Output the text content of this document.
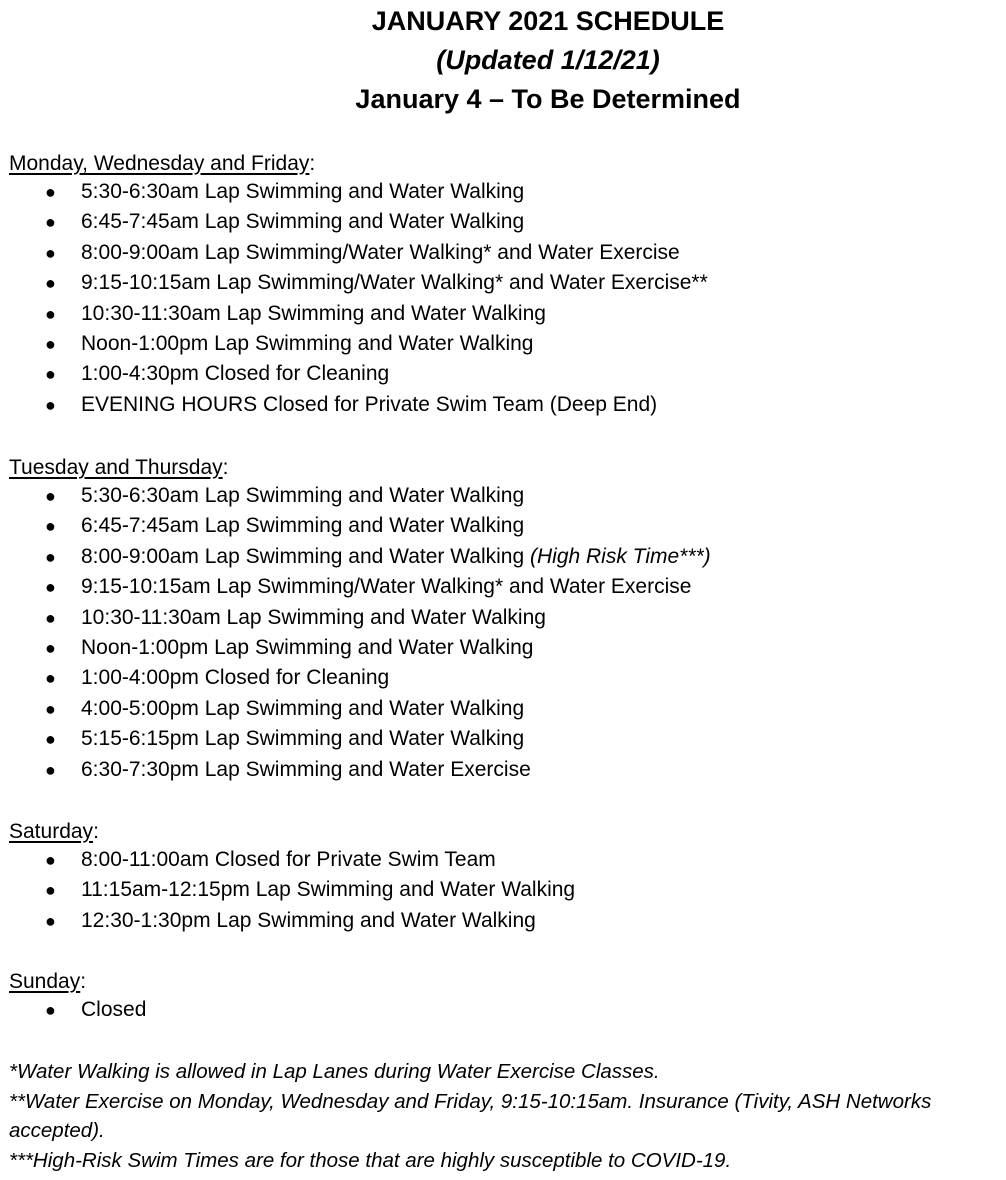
JANUARY 2021 SCHEDULE
(Updated 1/12/21)
January 4 – To Be Determined
Monday, Wednesday and Friday:
● 5:30-6:30am Lap Swimming and Water Walking
● 6:45-7:45am Lap Swimming and Water Walking
● 8:00-9:00am Lap Swimming/Water Walking* and Water Exercise
● 9:15-10:15am Lap Swimming/Water Walking* and Water Exercise**
● 10:30-11:30am Lap Swimming and Water Walking
● Noon-1:00pm Lap Swimming and Water Walking
● 1:00-4:30pm Closed for Cleaning
● EVENING HOURS Closed for Private Swim Team (Deep End)
Tuesday and Thursday:
● 5:30-6:30am Lap Swimming and Water Walking
● 6:45-7:45am Lap Swimming and Water Walking
● 8:00-9:00am Lap Swimming and Water Walking (High Risk Time***)
● 9:15-10:15am Lap Swimming/Water Walking* and Water Exercise
● 10:30-11:30am Lap Swimming and Water Walking
● Noon-1:00pm Lap Swimming and Water Walking
● 1:00-4:00pm Closed for Cleaning
● 4:00-5:00pm Lap Swimming and Water Walking
● 5:15-6:15pm Lap Swimming and Water Walking
● 6:30-7:30pm Lap Swimming and Water Exercise
Saturday:
● 8:00-11:00am Closed for Private Swim Team
● 11:15am-12:15pm Lap Swimming and Water Walking
● 12:30-1:30pm Lap Swimming and Water Walking
Sunday:
● Closed
*Water Walking is allowed in Lap Lanes during Water Exercise Classes.
**Water Exercise on Monday, Wednesday and Friday, 9:15-10:15am. Insurance (Tivity, ASH Networks accepted).
***High-Risk Swim Times are for those that are highly susceptible to COVID-19.
